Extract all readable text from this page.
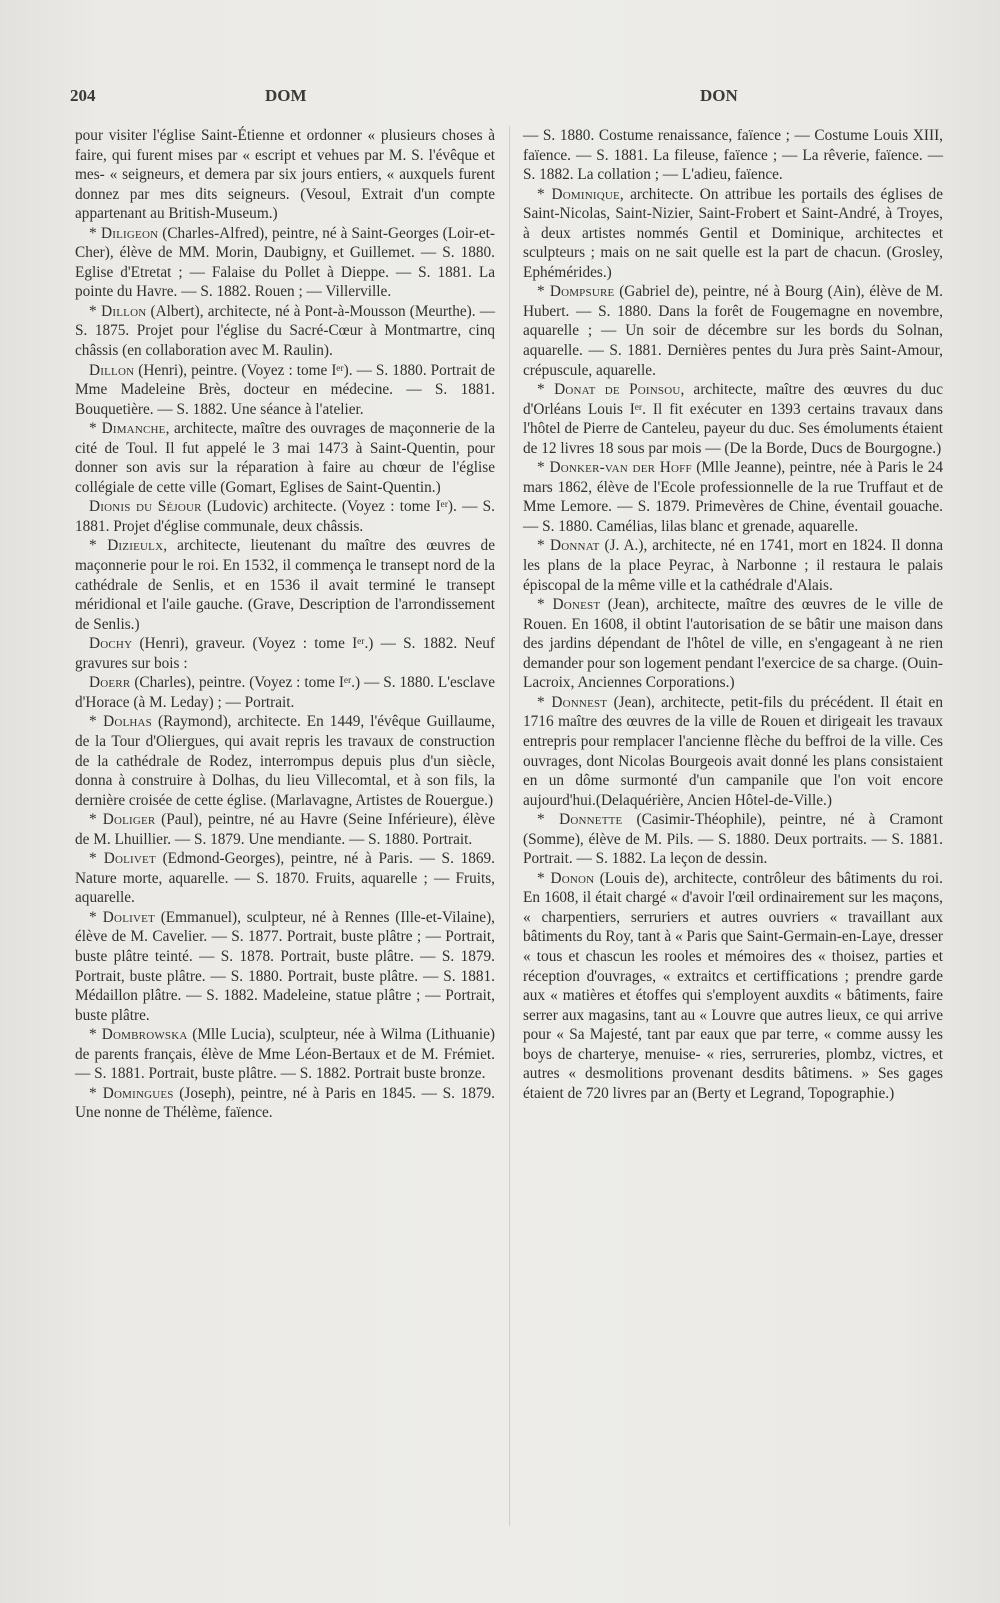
204	DOM	DON

pour visiter l'église Saint-Étienne et ordonner « plusieurs choses à faire, qui furent mises par « escript et vehues par M. S. l'évêque et mes- « seigneurs, et demera par six jours entiers, « auxquels furent donnez par mes dits seigneurs. (Vesoul, Extrait d'un compte appartenant au British-Museum.)

* Diligeon (Charles-Alfred), peintre, né à Saint-Georges (Loir-et-Cher), élève de MM. Morin, Daubigny, et Guillemet. — S. 1880. Eglise d'Etretat ; — Falaise du Pollet à Dieppe. — S. 1881. La pointe du Havre. — S. 1882. Rouen ; — Villerville.

* Dillon (Albert), architecte, né à Pont-à-Mousson (Meurthe). — S. 1875. Projet pour l'église du Sacré-Cœur à Montmartre, cinq châssis (en collaboration avec M. Raulin).

Dillon (Henri), peintre. (Voyez : tome Iᵉʳ). — S. 1880. Portrait de Mme Madeleine Brès, docteur en médecine. — S. 1881. Bouquetière. — S. 1882. Une séance à l'atelier.

* Dimanche, architecte, maître des ouvrages de maçonnerie de la cité de Toul. Il fut appelé le 3 mai 1473 à Saint-Quentin, pour donner son avis sur la réparation à faire au chœur de l'église collégiale de cette ville (Gomart, Eglises de Saint-Quentin.)

Dionis du Séjour (Ludovic) architecte. (Voyez : tome Iᵉʳ). — S. 1881. Projet d'église communale, deux châssis.

* Dizieulx, architecte, lieutenant du maître des œuvres de maçonnerie pour le roi. En 1532, il commença le transept nord de la cathédrale de Senlis, et en 1536 il avait terminé le transept méridional et l'aile gauche. (Grave, Description de l'arrondissement de Senlis.)

Dochy (Henri), graveur. (Voyez : tome Iᵉʳ.) — S. 1882. Neuf gravures sur bois :

Doerr (Charles), peintre. (Voyez : tome Iᵉʳ.) — S. 1880. L'esclave d'Horace (à M. Leday) ; — Portrait.

* Dolhas (Raymond), architecte. En 1449, l'évêque Guillaume, de la Tour d'Oliergues, qui avait repris les travaux de construction de la cathédrale de Rodez, interrompus depuis plus d'un siècle, donna à construire à Dolhas, du lieu Villecomtal, et à son fils, la dernière croisée de cette église. (Marlavagne, Artistes de Rouergue.)

* Doliger (Paul), peintre, né au Havre (Seine Inférieure), élève de M. Lhuillier. — S. 1879. Une mendiante. — S. 1880. Portrait.

* Dolivet (Edmond-Georges), peintre, né à Paris. — S. 1869. Nature morte, aquarelle. — S. 1870. Fruits, aquarelle ; — Fruits, aquarelle.

* Dolivet (Emmanuel), sculpteur, né à Rennes (Ille-et-Vilaine), élève de M. Cavelier. — S. 1877. Portrait, buste plâtre ; — Portrait, buste plâtre teinté. — S. 1878. Portrait, buste plâtre. — S. 1879. Portrait, buste plâtre. — S. 1880. Portrait, buste plâtre. — S. 1881. Médaillon plâtre. — S. 1882. Madeleine, statue plâtre ; — Portrait, buste plâtre.

* Dombrowska (Mlle Lucia), sculpteur, née à Wilma (Lithuanie) de parents français, élève de Mme Léon-Bertaux et de M. Frémiet. — S. 1881. Portrait, buste plâtre. — S. 1882. Portrait buste bronze.

* Domingues (Joseph), peintre, né à Paris en 1845. — S. 1879. Une nonne de Thélème, faïence.

— S. 1880. Costume renaissance, faïence ; — Costume Louis XIII, faïence. — S. 1881. La fileuse, faïence ; — La rêverie, faïence. — S. 1882. La collation ; — L'adieu, faïence.

* Dominique, architecte. On attribue les portails des églises de Saint-Nicolas, Saint-Nizier, Saint-Frobert et Saint-André, à Troyes, à deux artistes nommés Gentil et Dominique, architectes et sculpteurs ; mais on ne sait quelle est la part de chacun. (Grosley, Ephémérides.)

* Dompsure (Gabriel de), peintre, né à Bourg (Ain), élève de M. Hubert. — S. 1880. Dans la forêt de Fougemagne en novembre, aquarelle ; — Un soir de décembre sur les bords du Solnan, aquarelle. — S. 1881. Dernières pentes du Jura près Saint-Amour, crépuscule, aquarelle.

* Donat de Poinsou, architecte, maître des œuvres du duc d'Orléans Louis Iᵉʳ. Il fit exécuter en 1393 certains travaux dans l'hôtel de Pierre de Canteleu, payeur du duc. Ses émoluments étaient de 12 livres 18 sous par mois — (De la Borde, Ducs de Bourgogne.)

* Donker-van der Hoff (Mlle Jeanne), peintre, née à Paris le 24 mars 1862, élève de l'Ecole professionnelle de la rue Truffaut et de Mme Lemore. — S. 1879. Primevères de Chine, éventail gouache. — S. 1880. Camélias, lilas blanc et grenade, aquarelle.

* Donnat (J. A.), architecte, né en 1741, mort en 1824. Il donna les plans de la place Peyrac, à Narbonne ; il restaura le palais épiscopal de la même ville et la cathédrale d'Alais.

* Donest (Jean), architecte, maître des œuvres de le ville de Rouen. En 1608, il obtint l'autorisation de se bâtir une maison dans des jardins dépendant de l'hôtel de ville, en s'engageant à ne rien demander pour son logement pendant l'exercice de sa charge. (Ouin-Lacroix, Anciennes Corporations.)

* Donnest (Jean), architecte, petit-fils du précédent. Il était en 1716 maître des œuvres de la ville de Rouen et dirigeait les travaux entrepris pour remplacer l'ancienne flèche du beffroi de la ville. Ces ouvrages, dont Nicolas Bourgeois avait donné les plans consistaient en un dôme surmonté d'un campanile que l'on voit encore aujourd'hui.(Delaquérière, Ancien Hôtel-de-Ville.)

* Donnette (Casimir-Théophile), peintre, né à Cramont (Somme), élève de M. Pils. — S. 1880. Deux portraits. — S. 1881. Portrait. — S. 1882. La leçon de dessin.

* Donon (Louis de), architecte, contrôleur des bâtiments du roi. En 1608, il était chargé « d'avoir l'œil ordinairement sur les maçons, « charpentiers, serruriers et autres ouvriers « travaillant aux bâtiments du Roy, tant à « Paris que Saint-Germain-en-Laye, dresser « tous et chascun les rooles et mémoires des « thoisez, parties et réception d'ouvrages, « extraitcs et certiffications ; prendre garde aux « matières et étoffes qui s'employent auxdits « bâtiments, faire serrer aux magasins, tant au « Louvre que autres lieux, ce qui arrive pour « Sa Majesté, tant par eaux que par terre, « comme aussy les boys de charterye, menuise- « ries, serrureries, plombz, victres, et autres « desmolitions provenant desdits bâtimens. » Ses gages étaient de 720 livres par an (Berty et Legrand, Topographie.)
